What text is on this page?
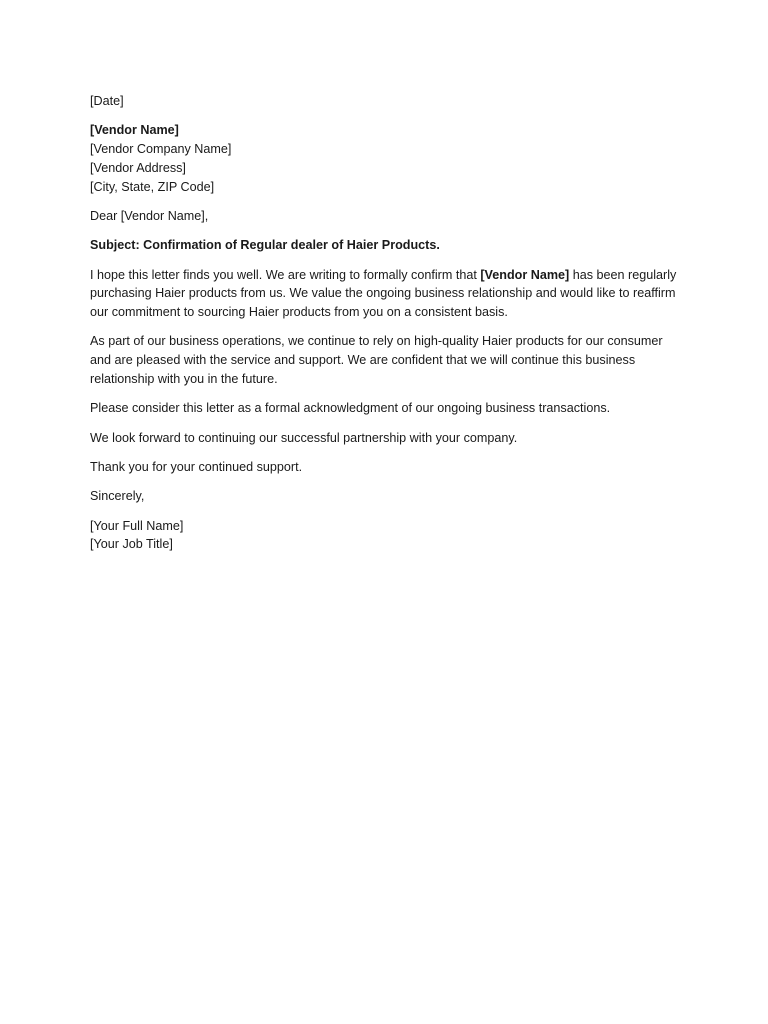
[Date]

[Vendor Name]
[Vendor Company Name]
[Vendor Address]
[City, State, ZIP Code]

Dear [Vendor Name],

Subject: Confirmation of Regular dealer of Haier Products.

I hope this letter finds you well. We are writing to formally confirm that [Vendor Name] has been regularly purchasing Haier products from us. We value the ongoing business relationship and would like to reaffirm our commitment to sourcing Haier products from you on a consistent basis.

As part of our business operations, we continue to rely on high-quality Haier products for our consumer and are pleased with the service and support. We are confident that we will continue this business relationship with you in the future.

Please consider this letter as a formal acknowledgment of our ongoing business transactions.

We look forward to continuing our successful partnership with your company.

Thank you for your continued support.

Sincerely,

[Your Full Name]
[Your Job Title]
